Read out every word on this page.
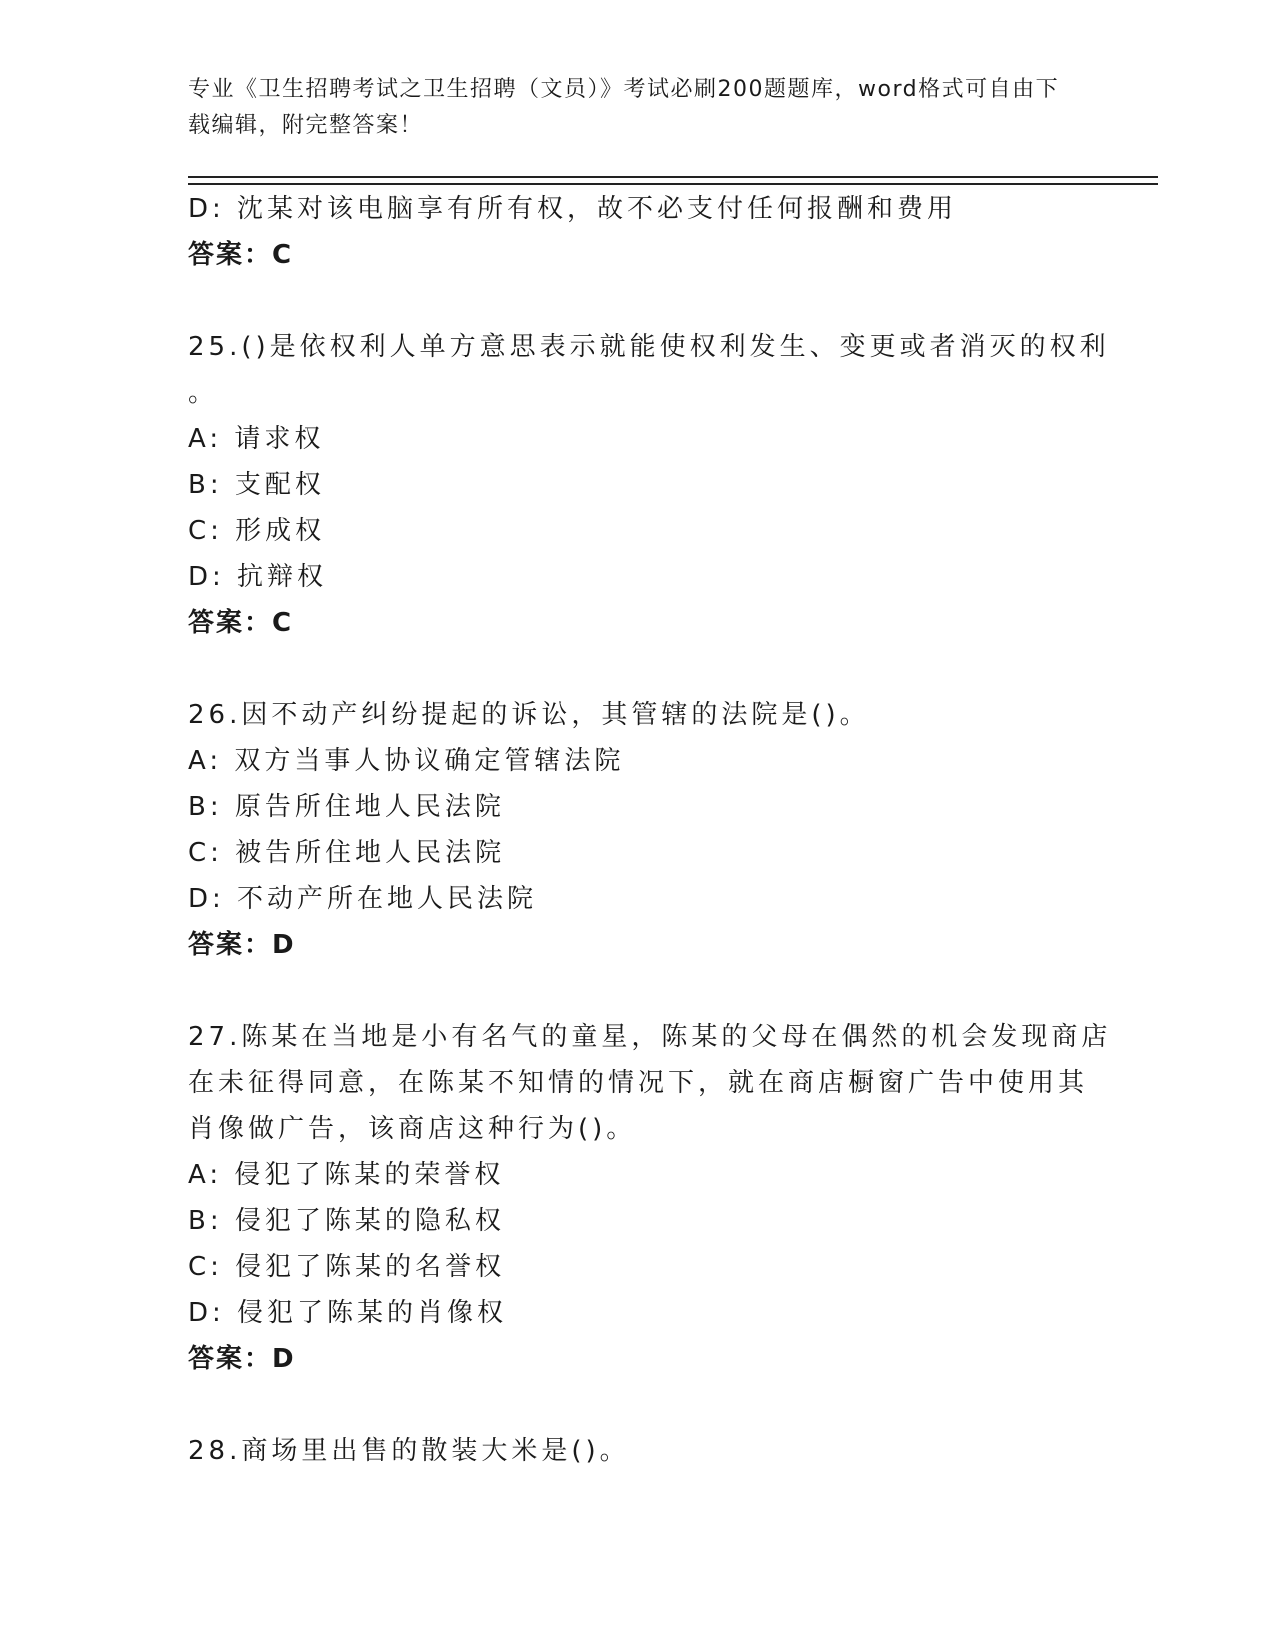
专业《卫生招聘考试之卫生招聘（文员）》考试必刷200题题库，word格式可自由下载编辑，附完整答案！
D: 沈某对该电脑享有所有权，故不必支付任何报酬和费用
答案：C
25.()是依权利人单方意思表示就能使权利发生、变更或者消灭的权利
。
A: 请求权
B: 支配权
C: 形成权
D: 抗辩权
答案：C
26.因不动产纠纷提起的诉讼，其管辖的法院是()。
A: 双方当事人协议确定管辖法院
B: 原告所住地人民法院
C: 被告所住地人民法院
D: 不动产所在地人民法院
答案：D
27.陈某在当地是小有名气的童星，陈某的父母在偶然的机会发现商店
在未征得同意，在陈某不知情的情况下，就在商店橱窗广告中使用其
肖像做广告，该商店这种行为()。
A: 侵犯了陈某的荣誉权
B: 侵犯了陈某的隐私权
C: 侵犯了陈某的名誉权
D: 侵犯了陈某的肖像权
答案：D
28.商场里出售的散装大米是()。
